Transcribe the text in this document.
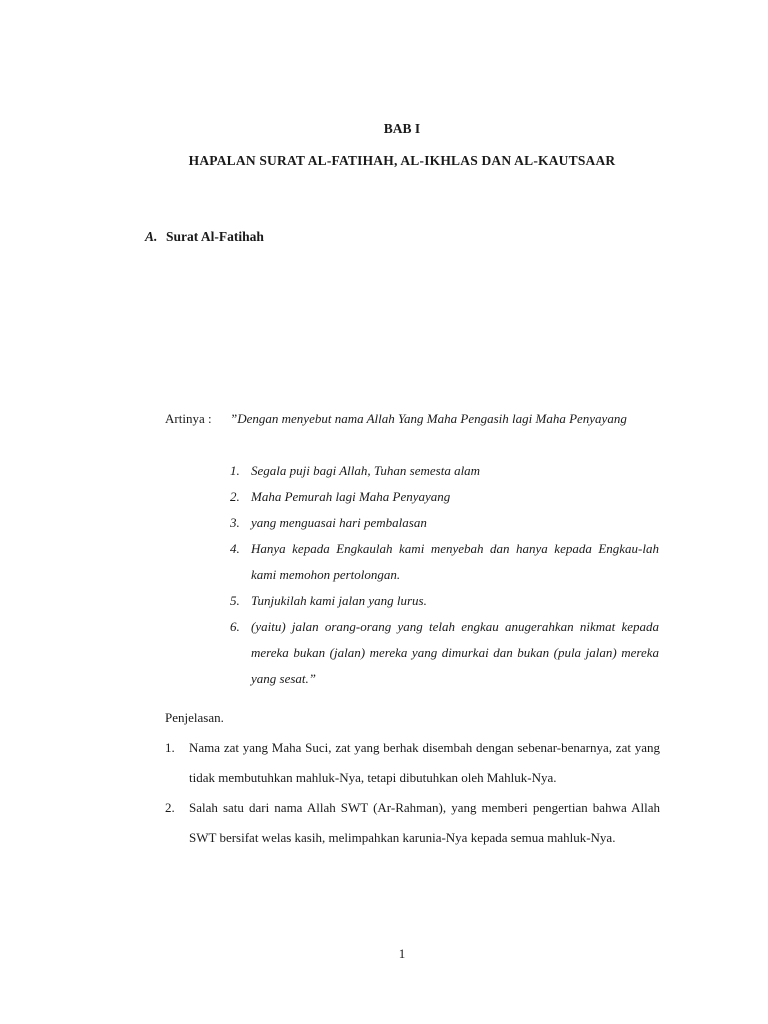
BAB I

HAPALAN SURAT AL-FATIHAH, AL-IKHLAS DAN AL-KAUTSAAR

A. Surat Al-Fatihah
Artinya : ”Dengan menyebut nama Allah Yang Maha Pengasih lagi Maha Penyayang

1. Segala puji bagi Allah, Tuhan semesta alam
2. Maha Pemurah lagi Maha Penyayang
3. yang menguasai hari pembalasan
4. Hanya kepada Engkaulah kami menyebah dan hanya kepada Engkau-lah kami memohon pertolongan.
5. Tunjukilah kami jalan yang lurus.
6. (yaitu) jalan orang-orang yang telah engkau anugerahkan nikmat kepada mereka bukan (jalan) mereka yang dimurkai dan bukan (pula jalan) mereka yang sesat.”
Penjelasan.
1.	Nama zat yang Maha Suci, zat yang berhak disembah dengan sebenar-benarnya, zat yang tidak membutuhkan mahluk-Nya, tetapi dibutuhkan oleh Mahluk-Nya.
2.	Salah satu dari nama Allah SWT (Ar-Rahman), yang memberi pengertian bahwa Allah SWT bersifat welas kasih, melimpahkan karunia-Nya kepada semua mahluk-Nya.

1
